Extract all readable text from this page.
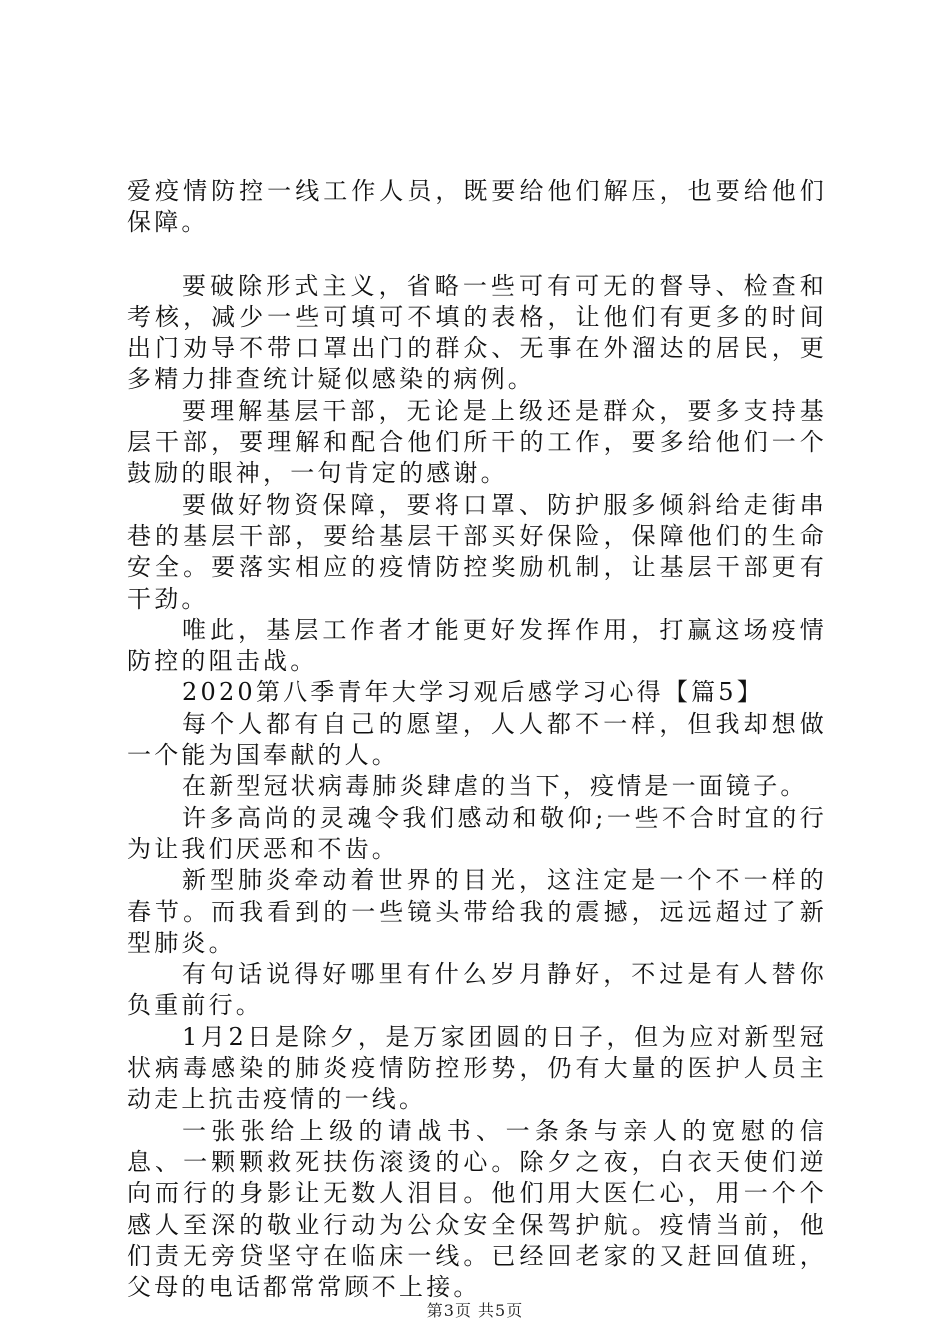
爱疫情防控一线工作人员，既要给他们解压，也要给他们保障。

要破除形式主义，省略一些可有可无的督导、检查和考核，减少一些可填可不填的表格，让他们有更多的时间出门劝导不带口罩出门的群众、无事在外溜达的居民，更多精力排查统计疑似感染的病例。

要理解基层干部，无论是上级还是群众，要多支持基层干部，要理解和配合他们所干的工作，要多给他们一个鼓励的眼神，一句肯定的感谢。

要做好物资保障，要将口罩、防护服多倾斜给走街串巷的基层干部，要给基层干部买好保险，保障他们的生命安全。要落实相应的疫情防控奖励机制，让基层干部更有干劲。

唯此，基层工作者才能更好发挥作用，打赢这场疫情防控的阻击战。

2020第八季青年大学习观后感学习心得【篇5】

每个人都有自己的愿望，人人都不一样，但我却想做一个能为国奉献的人。

在新型冠状病毒肺炎肆虐的当下，疫情是一面镜子。

许多高尚的灵魂令我们感动和敬仰;一些不合时宜的行为让我们厌恶和不齿。

新型肺炎牵动着世界的目光，这注定是一个不一样的春节。而我看到的一些镜头带给我的震撼，远远超过了新型肺炎。

有句话说得好哪里有什么岁月静好，不过是有人替你负重前行。

1月2日是除夕，是万家团圆的日子，但为应对新型冠状病毒感染的肺炎疫情防控形势，仍有大量的医护人员主动走上抗击疫情的一线。

一张张给上级的请战书、一条条与亲人的宽慰的信息、一颗颗救死扶伤滚烫的心。除夕之夜，白衣天使们逆向而行的身影让无数人泪目。他们用大医仁心，用一个个感人至深的敬业行动为公众安全保驾护航。疫情当前，他们责无旁贷坚守在临床一线。已经回老家的又赶回值班，父母的电话都常常顾不上接。

第3页 共5页
